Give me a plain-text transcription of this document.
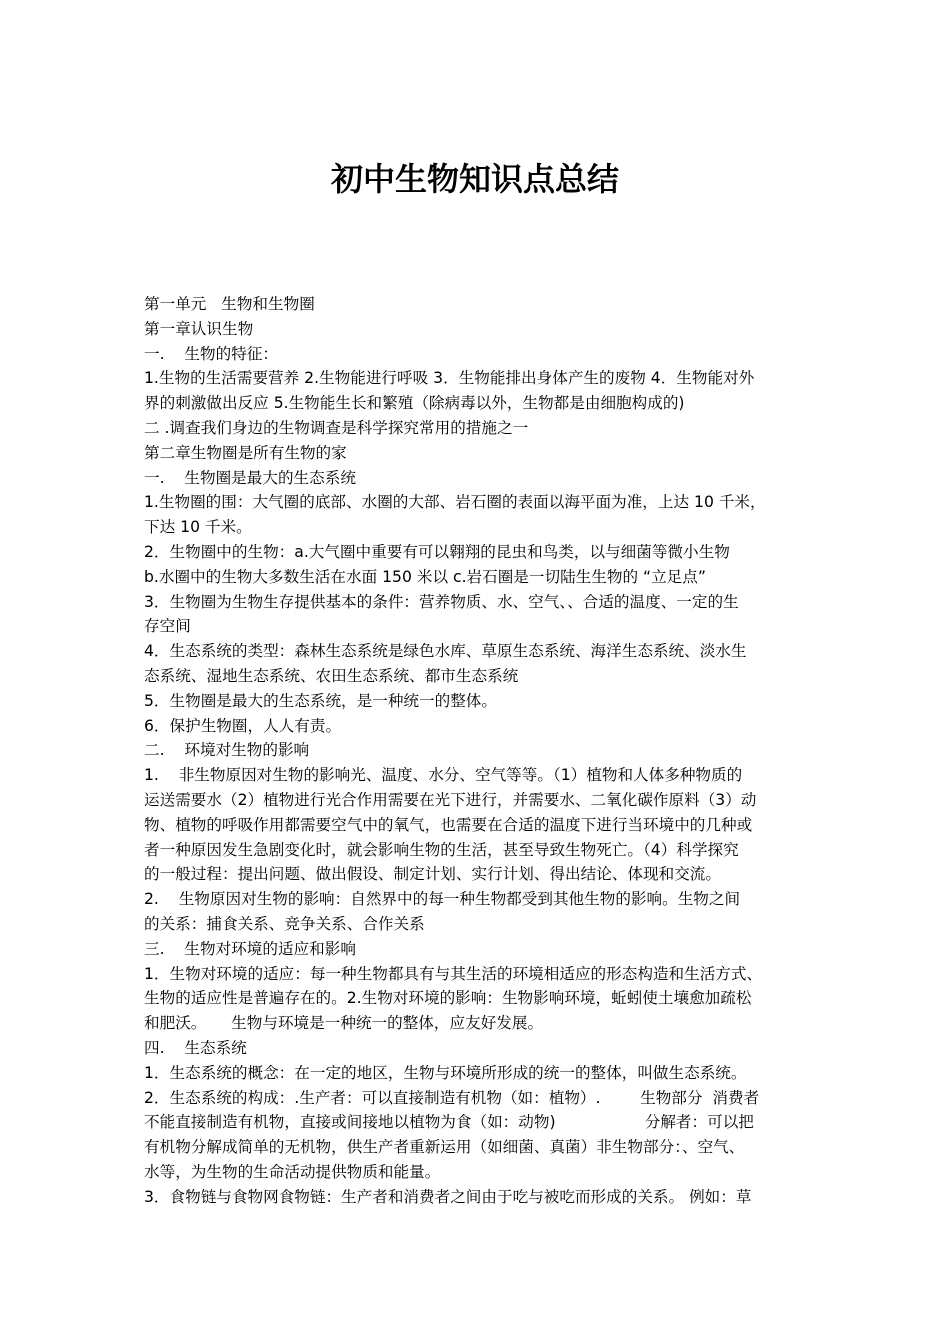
初中生物知识点总结
第一单元   生物和生物圈
第一章认识生物
一.    生物的特征：
1.生物的生活需要营养 2.生物能进行呼吸 3．生物能排出身体产生的废物 4．生物能对外
界的刺激做出反应 5.生物能生长和繁殖（除病毒以外，生物都是由细胞构成的)
二 .调查我们身边的生物调查是科学探究常用的措施之一
第二章生物圈是所有生物的家
一.    生物圈是最大的生态系统
1.生物圈的围：大气圈的底部、水圈的大部、岩石圈的表面以海平面为准，上达 10 千米，
下达 10 千米。
2．生物圈中的生物：a.大气圈中重要有可以翱翔的昆虫和鸟类，以与细菌等微小生物
b.水圈中的生物大多数生活在水面 150 米以 c.岩石圈是一切陆生生物的 “立足点”
3．生物圈为生物生存提供基本的条件：营养物质、水、空气、、合适的温度、一定的生
存空间
4．生态系统的类型：森林生态系统是绿色水库、草原生态系统、海洋生态系统、淡水生
态系统、湿地生态系统、农田生态系统、都市生态系统
5．生物圈是最大的生态系统，是一种统一的整体。
6．保护生物圈，人人有责。
二.    环境对生物的影响
1.    非生物原因对生物的影响光、温度、水分、空气等等。（1）植物和人体多种物质的
运送需要水（2）植物进行光合作用需要在光下进行，并需要水、二氧化碳作原料（3）动
物、植物的呼吸作用都需要空气中的氧气，也需要在合适的温度下进行当环境中的几种或
者一种原因发生急剧变化时，就会影响生物的生活，甚至导致生物死亡。（4）科学探究
的一般过程：提出问题、做出假设、制定计划、实行计划、得出结论、体现和交流。
2.    生物原因对生物的影响：自然界中的每一种生物都受到其他生物的影响。生物之间
的关系：捕食关系、竞争关系、合作关系
三.    生物对环境的适应和影响
1．生物对环境的适应：每一种生物都具有与其生活的环境相适应的形态构造和生活方式、
生物的适应性是普遍存在的。2.生物对环境的影响：生物影响环境，蚯蚓使土壤愈加疏松
和肥沃。     生物与环境是一种统一的整体，应友好发展。
四.    生态系统
1．生态系统的概念：在一定的地区，生物与环境所形成的统一的整体，叫做生态系统。
2．生态系统的构成：.生产者：可以直接制造有机物（如：植物）.        生物部分  消费者
不能直接制造有机物，直接或间接地以植物为食（如：动物)                  分解者：可以把
有机物分解成简单的无机物，供生产者重新运用（如细菌、真菌）非生物部分：、空气、
水等，为生物的生命活动提供物质和能量。
3．食物链与食物网食物链：生产者和消费者之间由于吃与被吃而形成的关系。 例如：草
